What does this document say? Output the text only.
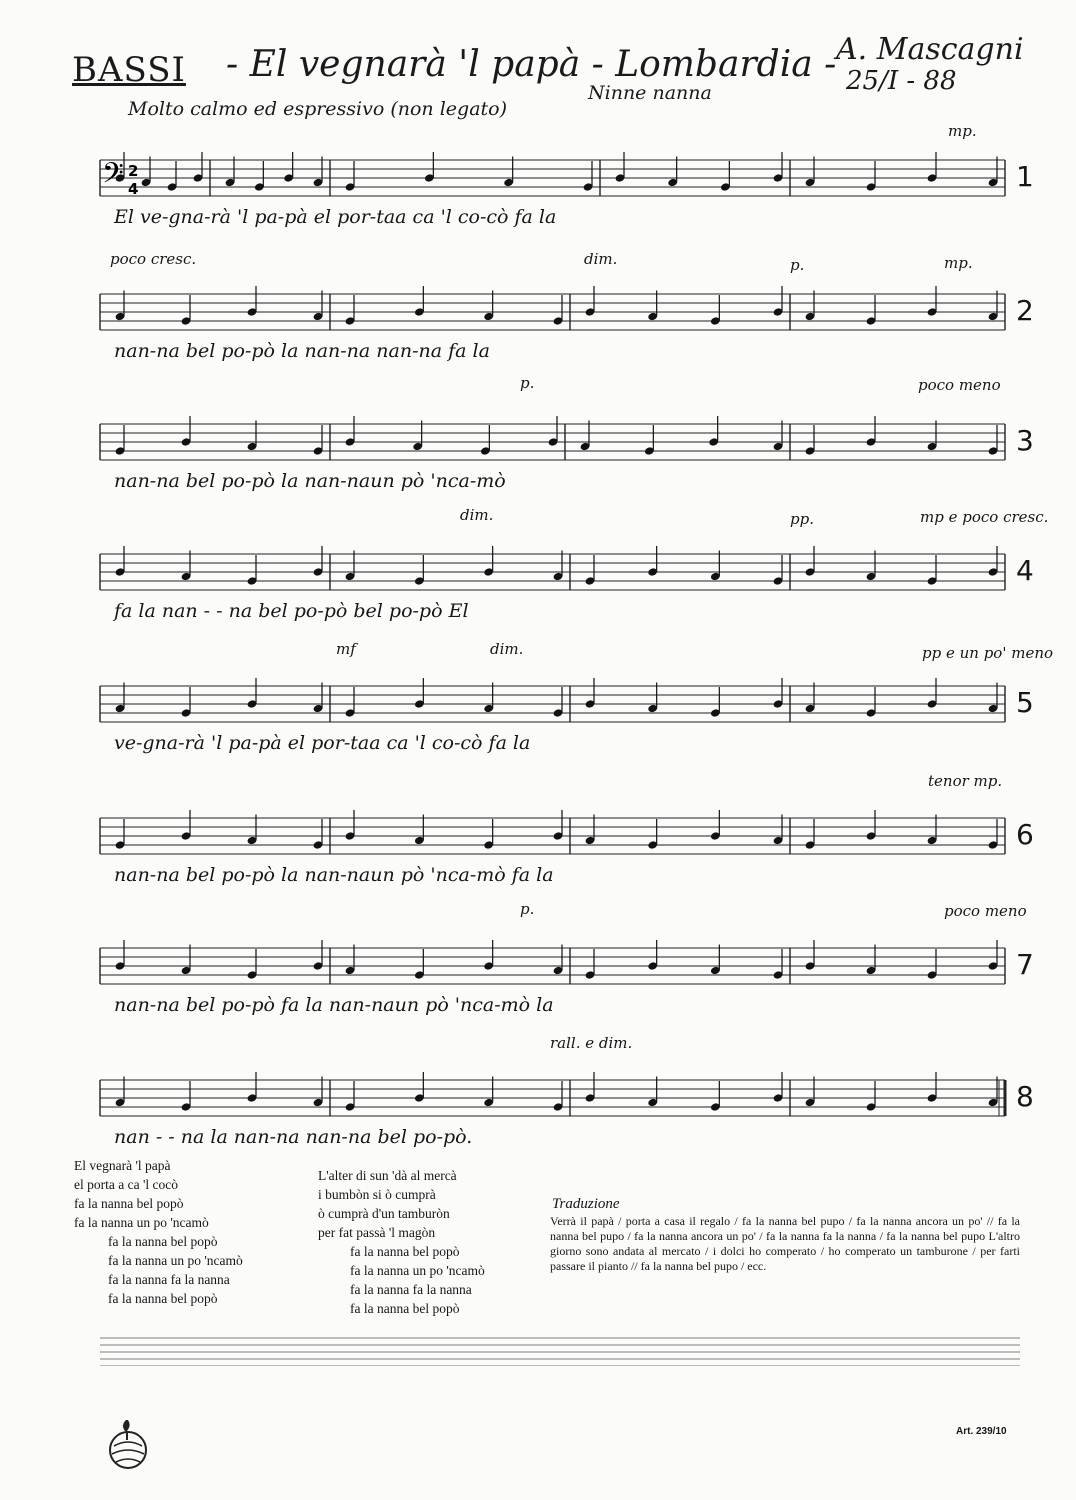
BASSI - El vegnarà 'l papà - Lombardia - A. Mascagni
25/I - 88
Molto calmo ed espressivo (non legato)
Ninne nanna
𝄢 2
4	1
mp.
El ve-gna-rà 'l pa-pà el por-taa ca 'l co-cò fa la
2
poco cresc.	dim.	p.	mp.
nan-na bel po-pò la nan-na nan-na fa la
3
p.	poco meno
nan-na bel po-pò la nan-naun pò 'nca-mò
4
dim.	pp.	mp e poco cresc.
fa la nan - - na bel po-pò bel po-pò El
5
mf	dim.	pp e un po' meno
ve-gna-rà 'l pa-pà el por-taa ca 'l co-cò fa la
6
tenor mp.
nan-na bel po-pò la nan-naun pò 'nca-mò fa la
7
p.	poco meno
nan-na bel po-pò fa la nan-naun pò 'nca-mò la
8
rall. e dim.
nan - - na la nan-na nan-na bel po-pò.
El vegnarà 'l papà
el porta a ca 'l cocò
fa la nanna bel popò
fa la nanna un po 'ncamò
fa la nanna bel popò
fa la nanna un po 'ncamò
fa la nanna fa la nanna
fa la nanna bel popò
L'alter di sun 'dà al mercà
i bumbòn si ò cumprà
ò cumprà d'un tamburòn
per fat passà 'l magòn
fa la nanna bel popò
fa la nanna un po 'ncamò
fa la nanna fa la nanna
fa la nanna bel popò
Traduzione
Verrà il papà / porta a casa il regalo / fa la nanna bel pupo / fa la nanna ancora un po' // fa la nanna bel pupo / fa la nanna ancora un po' / fa la nanna fa la nanna / fa la nanna bel pupo L'altro giorno sono andata al mercato / i dolci ho comperato / ho comperato un tamburone / per farti passare il pianto // fa la nanna bel pupo / ecc.
Art. 239/10
